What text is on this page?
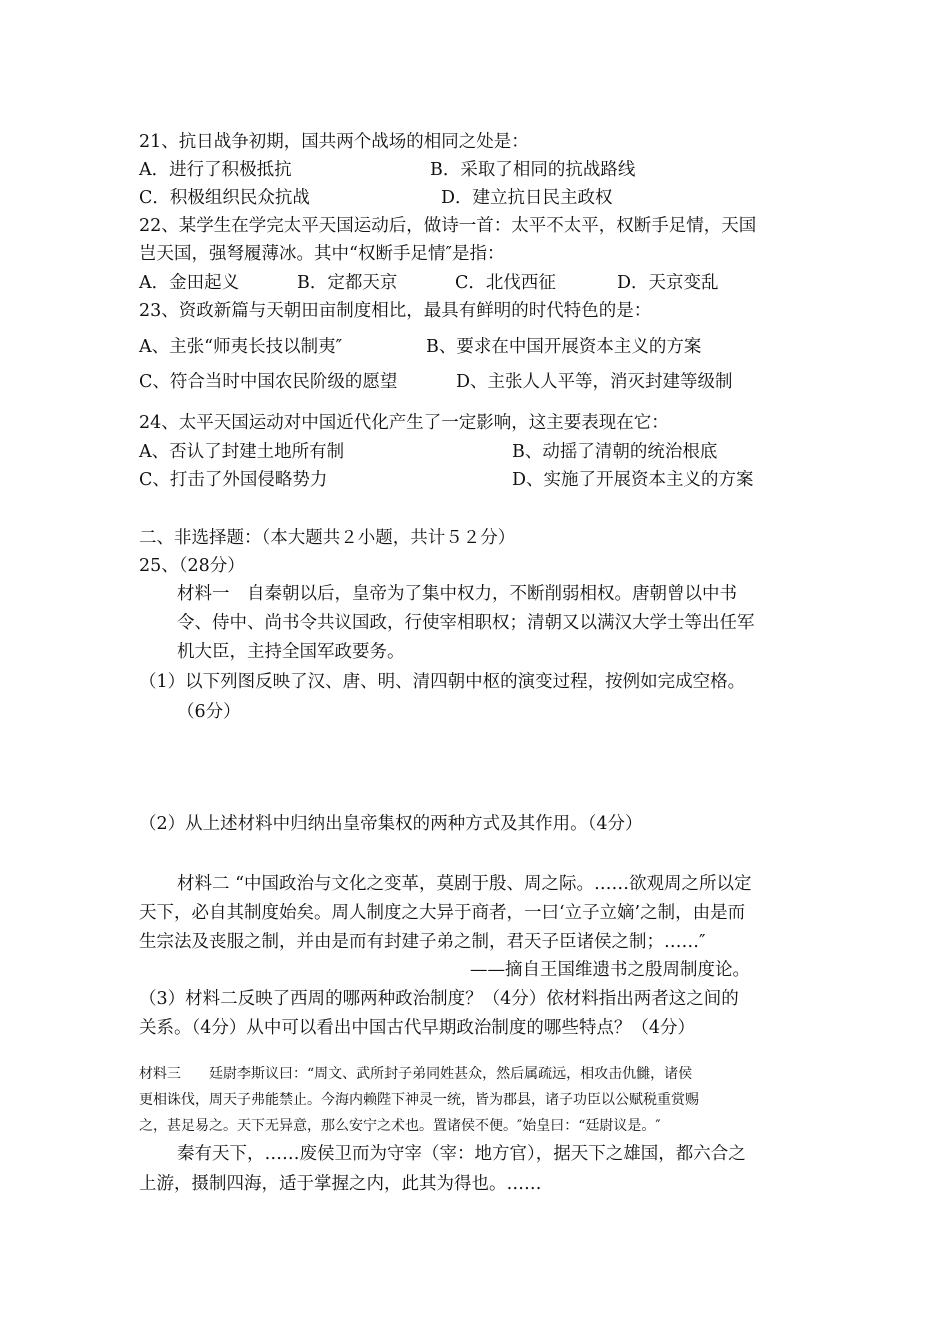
21、抗日战争初期，国共两个战场的相同之处是：
A．进行了积极抵抗	B．采取了相同的抗战路线
C．积极组织民众抗战	D．建立抗日民主政权
22、某学生在学完太平天国运动后，做诗一首：太平不太平，权断手足情，天国
岂天国，强弩履薄冰。其中“权断手足情″是指：
A．金田起义	B．定都天京	C．北伐西征	D．天京变乱
23、资政新篇与天朝田亩制度相比，最具有鲜明的时代特色的是：
A、主张“师夷长技以制夷″	B、要求在中国开展资本主义的方案
C、符合当时中国农民阶级的愿望	D、主张人人平等，消灭封建等级制
24、太平天国运动对中国近代化产生了一定影响，这主要表现在它：
A、否认了封建土地所有制	B、动摇了清朝的统治根底
C、打击了外国侵略势力	D、实施了开展资本主义的方案
二、非选择题：（本大题共２小题，共计５２分）
25、（28分）
材料一　自秦朝以后，皇帝为了集中权力，不断削弱相权。唐朝曾以中书
令、侍中、尚书令共议国政，行使宰相职权；清朝又以满汉大学士等出任军
机大臣，主持全国军政要务。
（1）以下列图反映了汉、唐、明、清四朝中枢的演变过程，按例如完成空格。
（6分）
（2）从上述材料中归纳出皇帝集权的两种方式及其作用。（4分）
材料二 “中国政治与文化之变革，莫剧于殷、周之际。……欲观周之所以定
天下，必自其制度始矣。周人制度之大异于商者，一曰‘立子立嫡’之制，由是而
生宗法及丧服之制，并由是而有封建子弟之制，君天子臣诸侯之制；……″
——摘自王国维遗书之殷周制度论。
（3）材料二反映了西周的哪两种政治制度？（4分）依材料指出两者这之间的
关系。（4分）从中可以看出中国古代早期政治制度的哪些特点？（4分）
材料三　　廷尉李斯议曰：“周文、武所封子弟同姓甚众，然后属疏远，相攻击仇雠，诸侯
更相诛伐，周天子弗能禁止。今海内赖陛下神灵一统，皆为郡县，诸子功臣以公赋税重赏赐
之，甚足易之。天下无异意，那么安宁之术也。置诸侯不便。″始皇曰：“廷尉议是。″
秦有天下，……废侯卫而为守宰（宰：地方官），据天下之雄国，都六合之
上游，摄制四海，适于掌握之内，此其为得也。……
